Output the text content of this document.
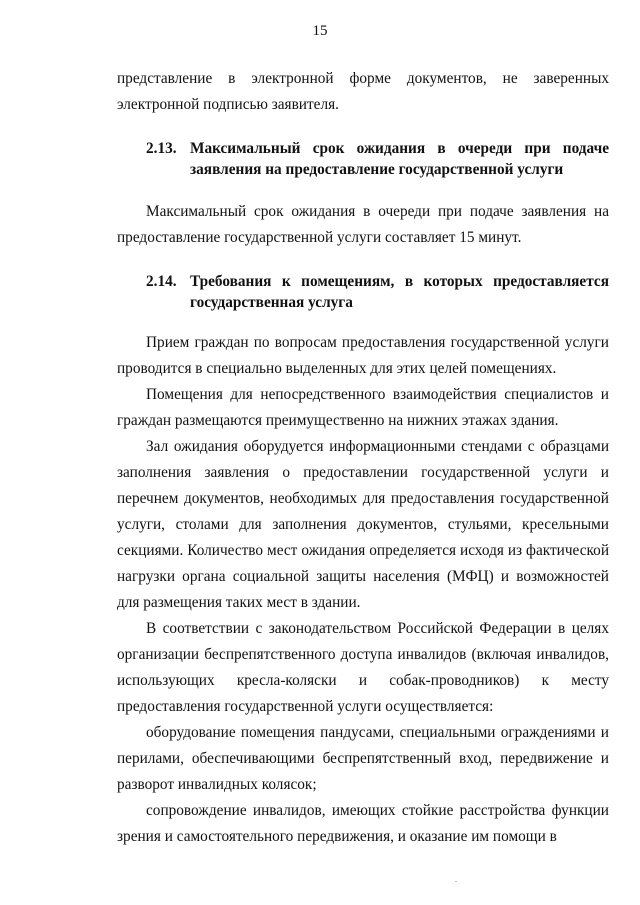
15

представление в электронной форме документов, не заверенных электронной подписью заявителя.

2.13. Максимальный срок ожидания в очереди при подаче заявления на предоставление государственной услуги

Максимальный срок ожидания в очереди при подаче заявления на предоставление государственной услуги составляет 15 минут.

2.14. Требования к помещениям, в которых предоставляется государственная услуга

Прием граждан по вопросам предоставления государственной услуги проводится в специально выделенных для этих целей помещениях.

Помещения для непосредственного взаимодействия специалистов и граждан размещаются преимущественно на нижних этажах здания.

Зал ожидания оборудуется информационными стендами с образцами заполнения заявления о предоставлении государственной услуги и перечнем документов, необходимых для предоставления государственной услуги, столами для заполнения документов, стульями, кресельными секциями. Количество мест ожидания определяется исходя из фактической нагрузки органа социальной защиты населения (МФЦ) и возможностей для размещения таких мест в здании.

В соответствии с законодательством Российской Федерации в целях организации беспрепятственного доступа инвалидов (включая инвалидов, использующих кресла-коляски и собак-проводников) к месту предоставления государственной услуги осуществляется:

оборудование помещения пандусами, специальными ограждениями и перилами, обеспечивающими беспрепятственный вход, передвижение и разворот инвалидных колясок;

сопровождение инвалидов, имеющих стойкие расстройства функции зрения и самостоятельного передвижения, и оказание им помощи в
